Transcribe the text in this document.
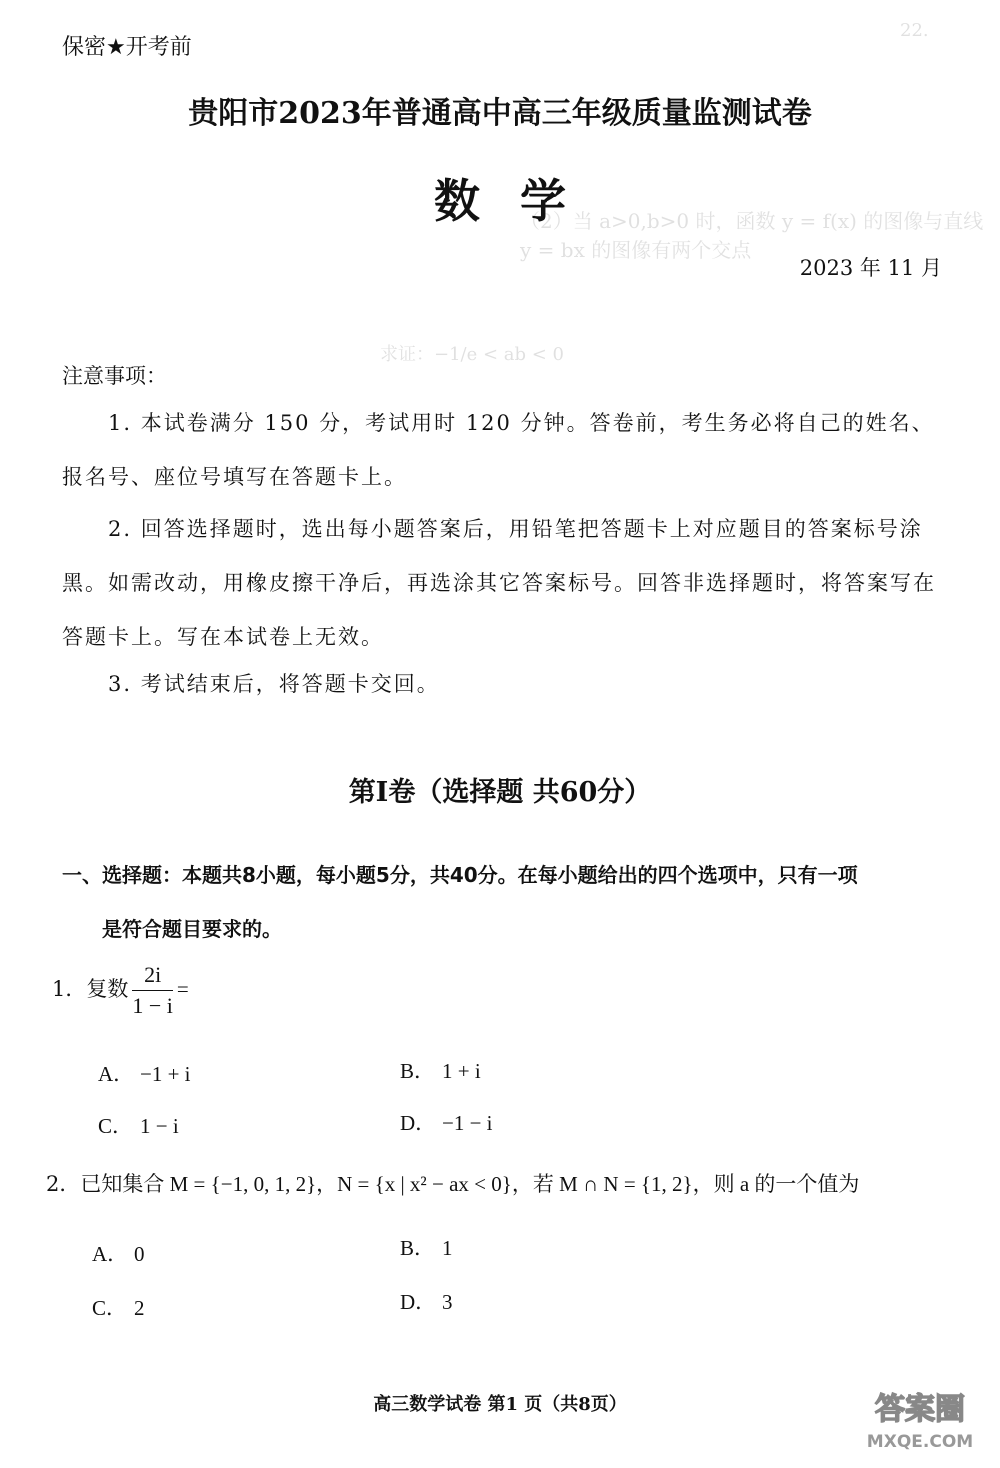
22.
（2）当 a>0,b>0 时，函数 y = f(x) 的图像与直线 y = bx 的图像有两个交点
求证：−1/e < ab < 0
保密★开考前
贵阳市2023年普通高中高三年级质量监测试卷
数学
2023 年 11 月
注意事项：
1. 本试卷满分 150 分，考试用时 120 分钟。答卷前，考生务必将自己的姓名、报名号、座位号填写在答题卡上。
2. 回答选择题时，选出每小题答案后，用铅笔把答题卡上对应题目的答案标号涂黑。如需改动，用橡皮擦干净后，再选涂其它答案标号。回答非选择题时，将答案写在答题卡上。写在本试卷上无效。
3. 考试结束后，将答题卡交回。
第Ⅰ卷（选择题 共60分）
一、选择题：本题共8小题，每小题5分，共40分。在每小题给出的四个选项中，只有一项
是符合题目要求的。
1．复数 $\frac{2i}{1 - i}$ =
A． −1 + i	B． 1 + i
C． 1 − i	D． −1 − i
2．已知集合 M = {−1, 0, 1, 2}，N = {x | x² − ax < 0}，若 M ∩ N = {1, 2}，则 a 的一个值为
A． 0	B． 1
C． 2	D． 3
高三数学试卷 第1 页（共8页）	答案圈
MXQE.COM
